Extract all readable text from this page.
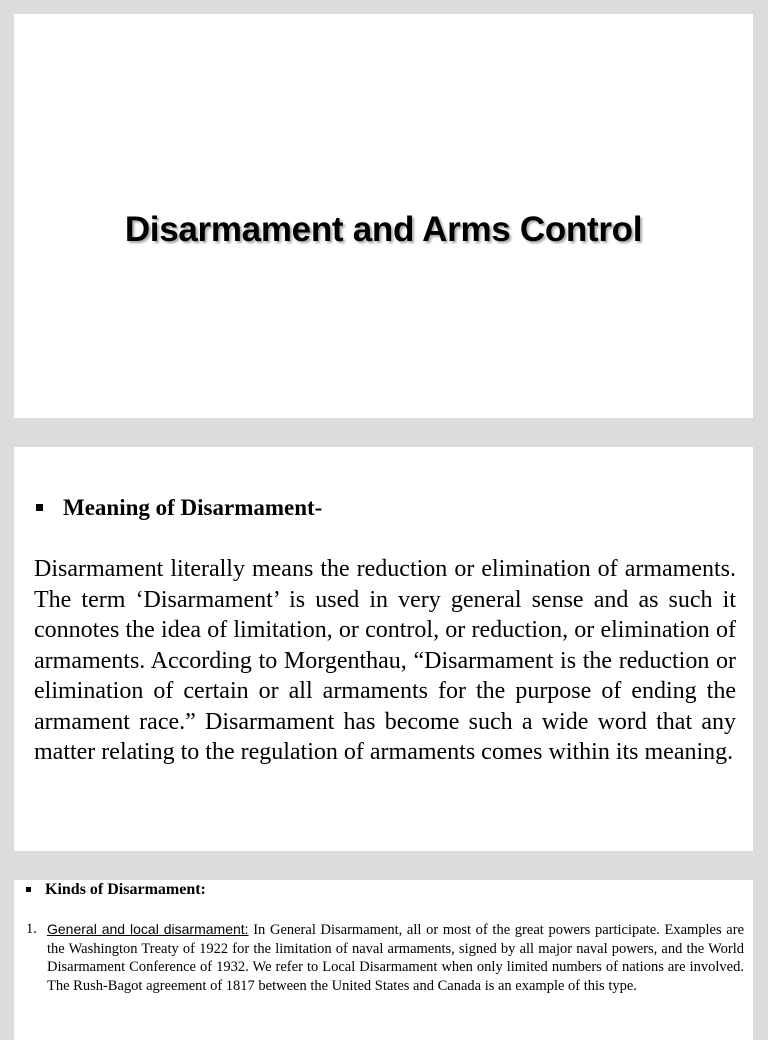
Disarmament and Arms Control

Meaning of Disarmament-

Disarmament literally means the reduction or elimination of armaments. The term ‘Disarmament’ is used in very general sense and as such it connotes the idea of limitation, or control, or reduction, or elimination of armaments. According to Morgenthau, “Disarmament is the reduction or elimination of certain or all armaments for the purpose of ending the armament race.” Disarmament has become such a wide word that any matter relating to the regulation of armaments comes within its meaning.

Kinds of Disarmament:

1. General and local disarmament: In General Disarmament, all or most of the great powers participate. Examples are the Washington Treaty of 1922 for the limitation of naval armaments, signed by all major naval powers, and the World Disarmament Conference of 1932. We refer to Local Disarmament when only limited numbers of nations are involved. The Rush-Bagot agreement of 1817 between the United States and Canada is an example of this type.
